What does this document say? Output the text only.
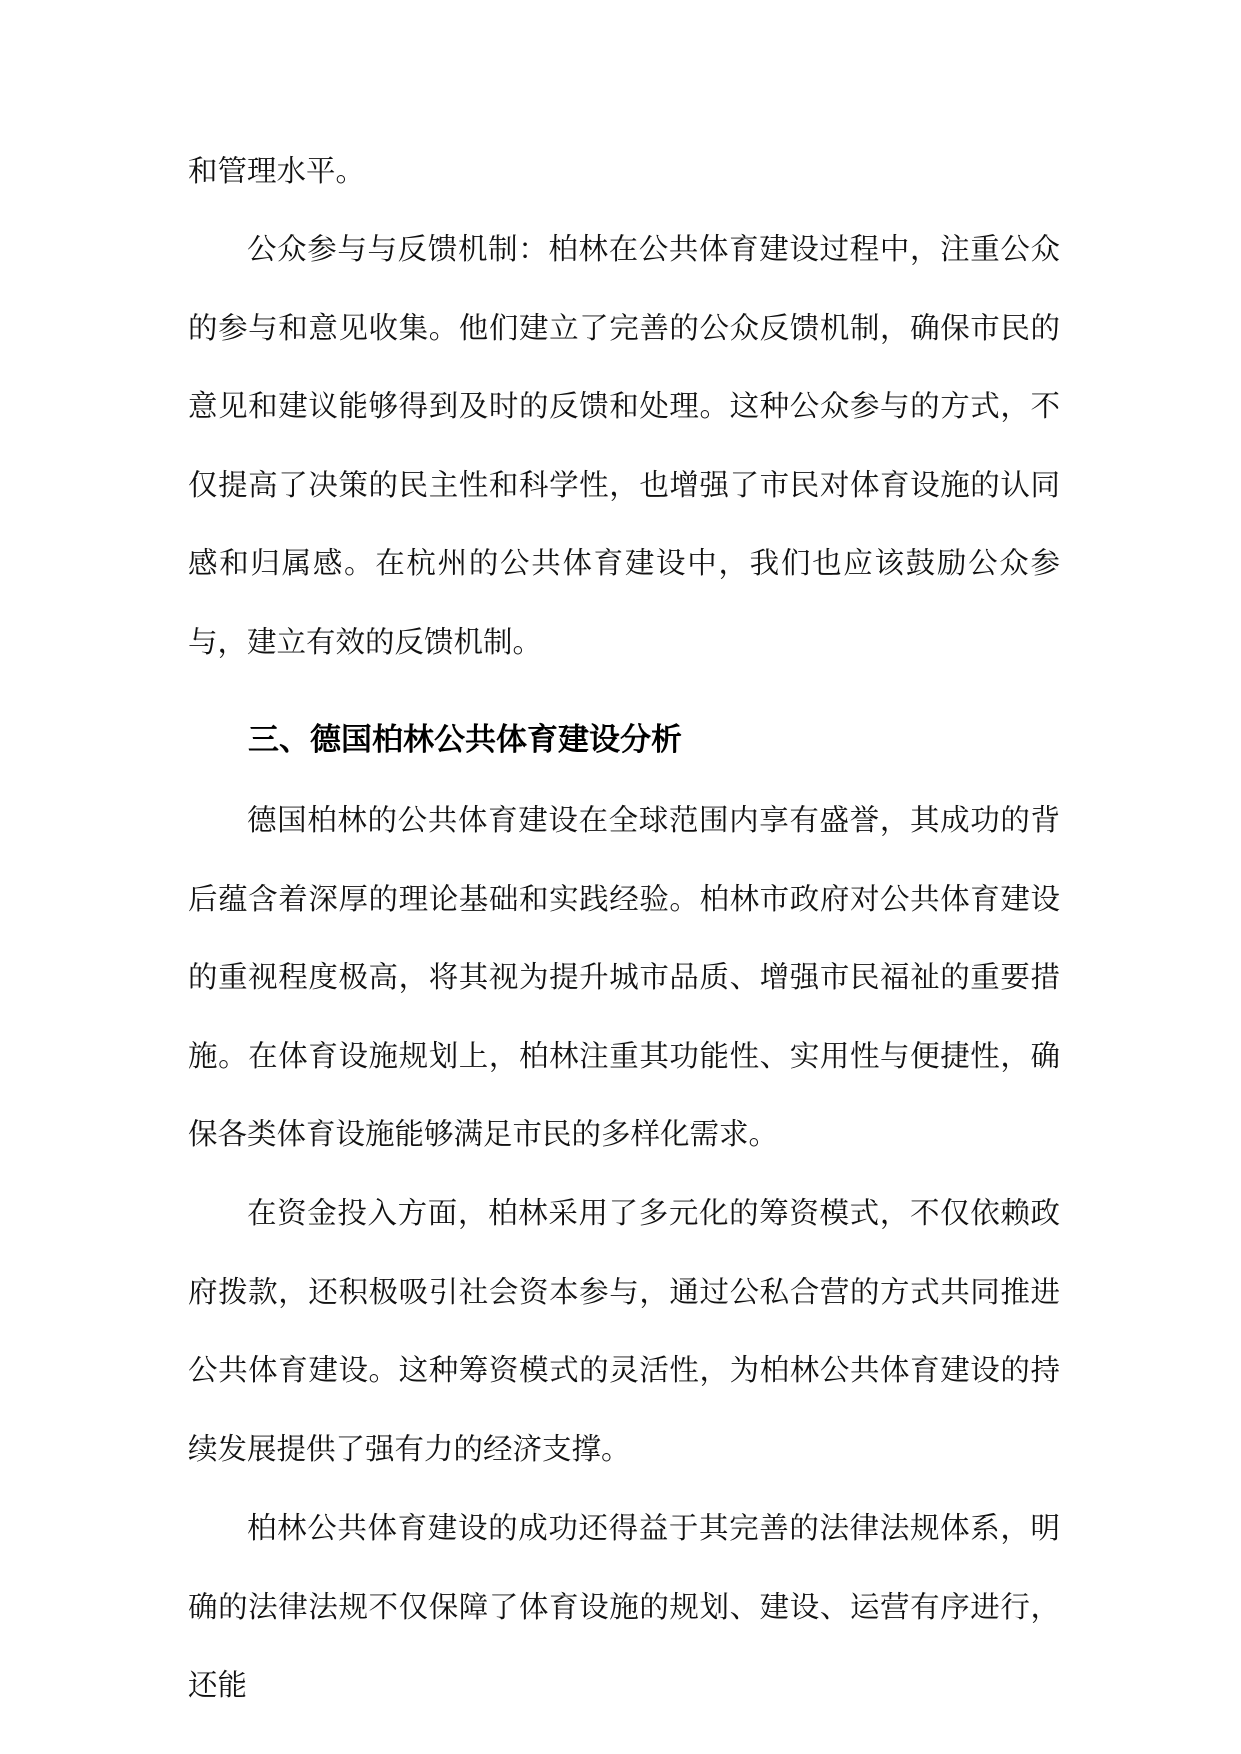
和管理水平。

公众参与与反馈机制：柏林在公共体育建设过程中，注重公众的参与和意见收集。他们建立了完善的公众反馈机制，确保市民的意见和建议能够得到及时的反馈和处理。这种公众参与的方式，不仅提高了决策的民主性和科学性，也增强了市民对体育设施的认同感和归属感。在杭州的公共体育建设中，我们也应该鼓励公众参与，建立有效的反馈机制。

三、德国柏林公共体育建设分析

德国柏林的公共体育建设在全球范围内享有盛誉，其成功的背后蕴含着深厚的理论基础和实践经验。柏林市政府对公共体育建设的重视程度极高，将其视为提升城市品质、增强市民福祉的重要措施。在体育设施规划上，柏林注重其功能性、实用性与便捷性，确保各类体育设施能够满足市民的多样化需求。

在资金投入方面，柏林采用了多元化的筹资模式，不仅依赖政府拨款，还积极吸引社会资本参与，通过公私合营的方式共同推进公共体育建设。这种筹资模式的灵活性，为柏林公共体育建设的持续发展提供了强有力的经济支撑。

柏林公共体育建设的成功还得益于其完善的法律法规体系，明确的法律法规不仅保障了体育设施的规划、建设、运营有序进行，还能
